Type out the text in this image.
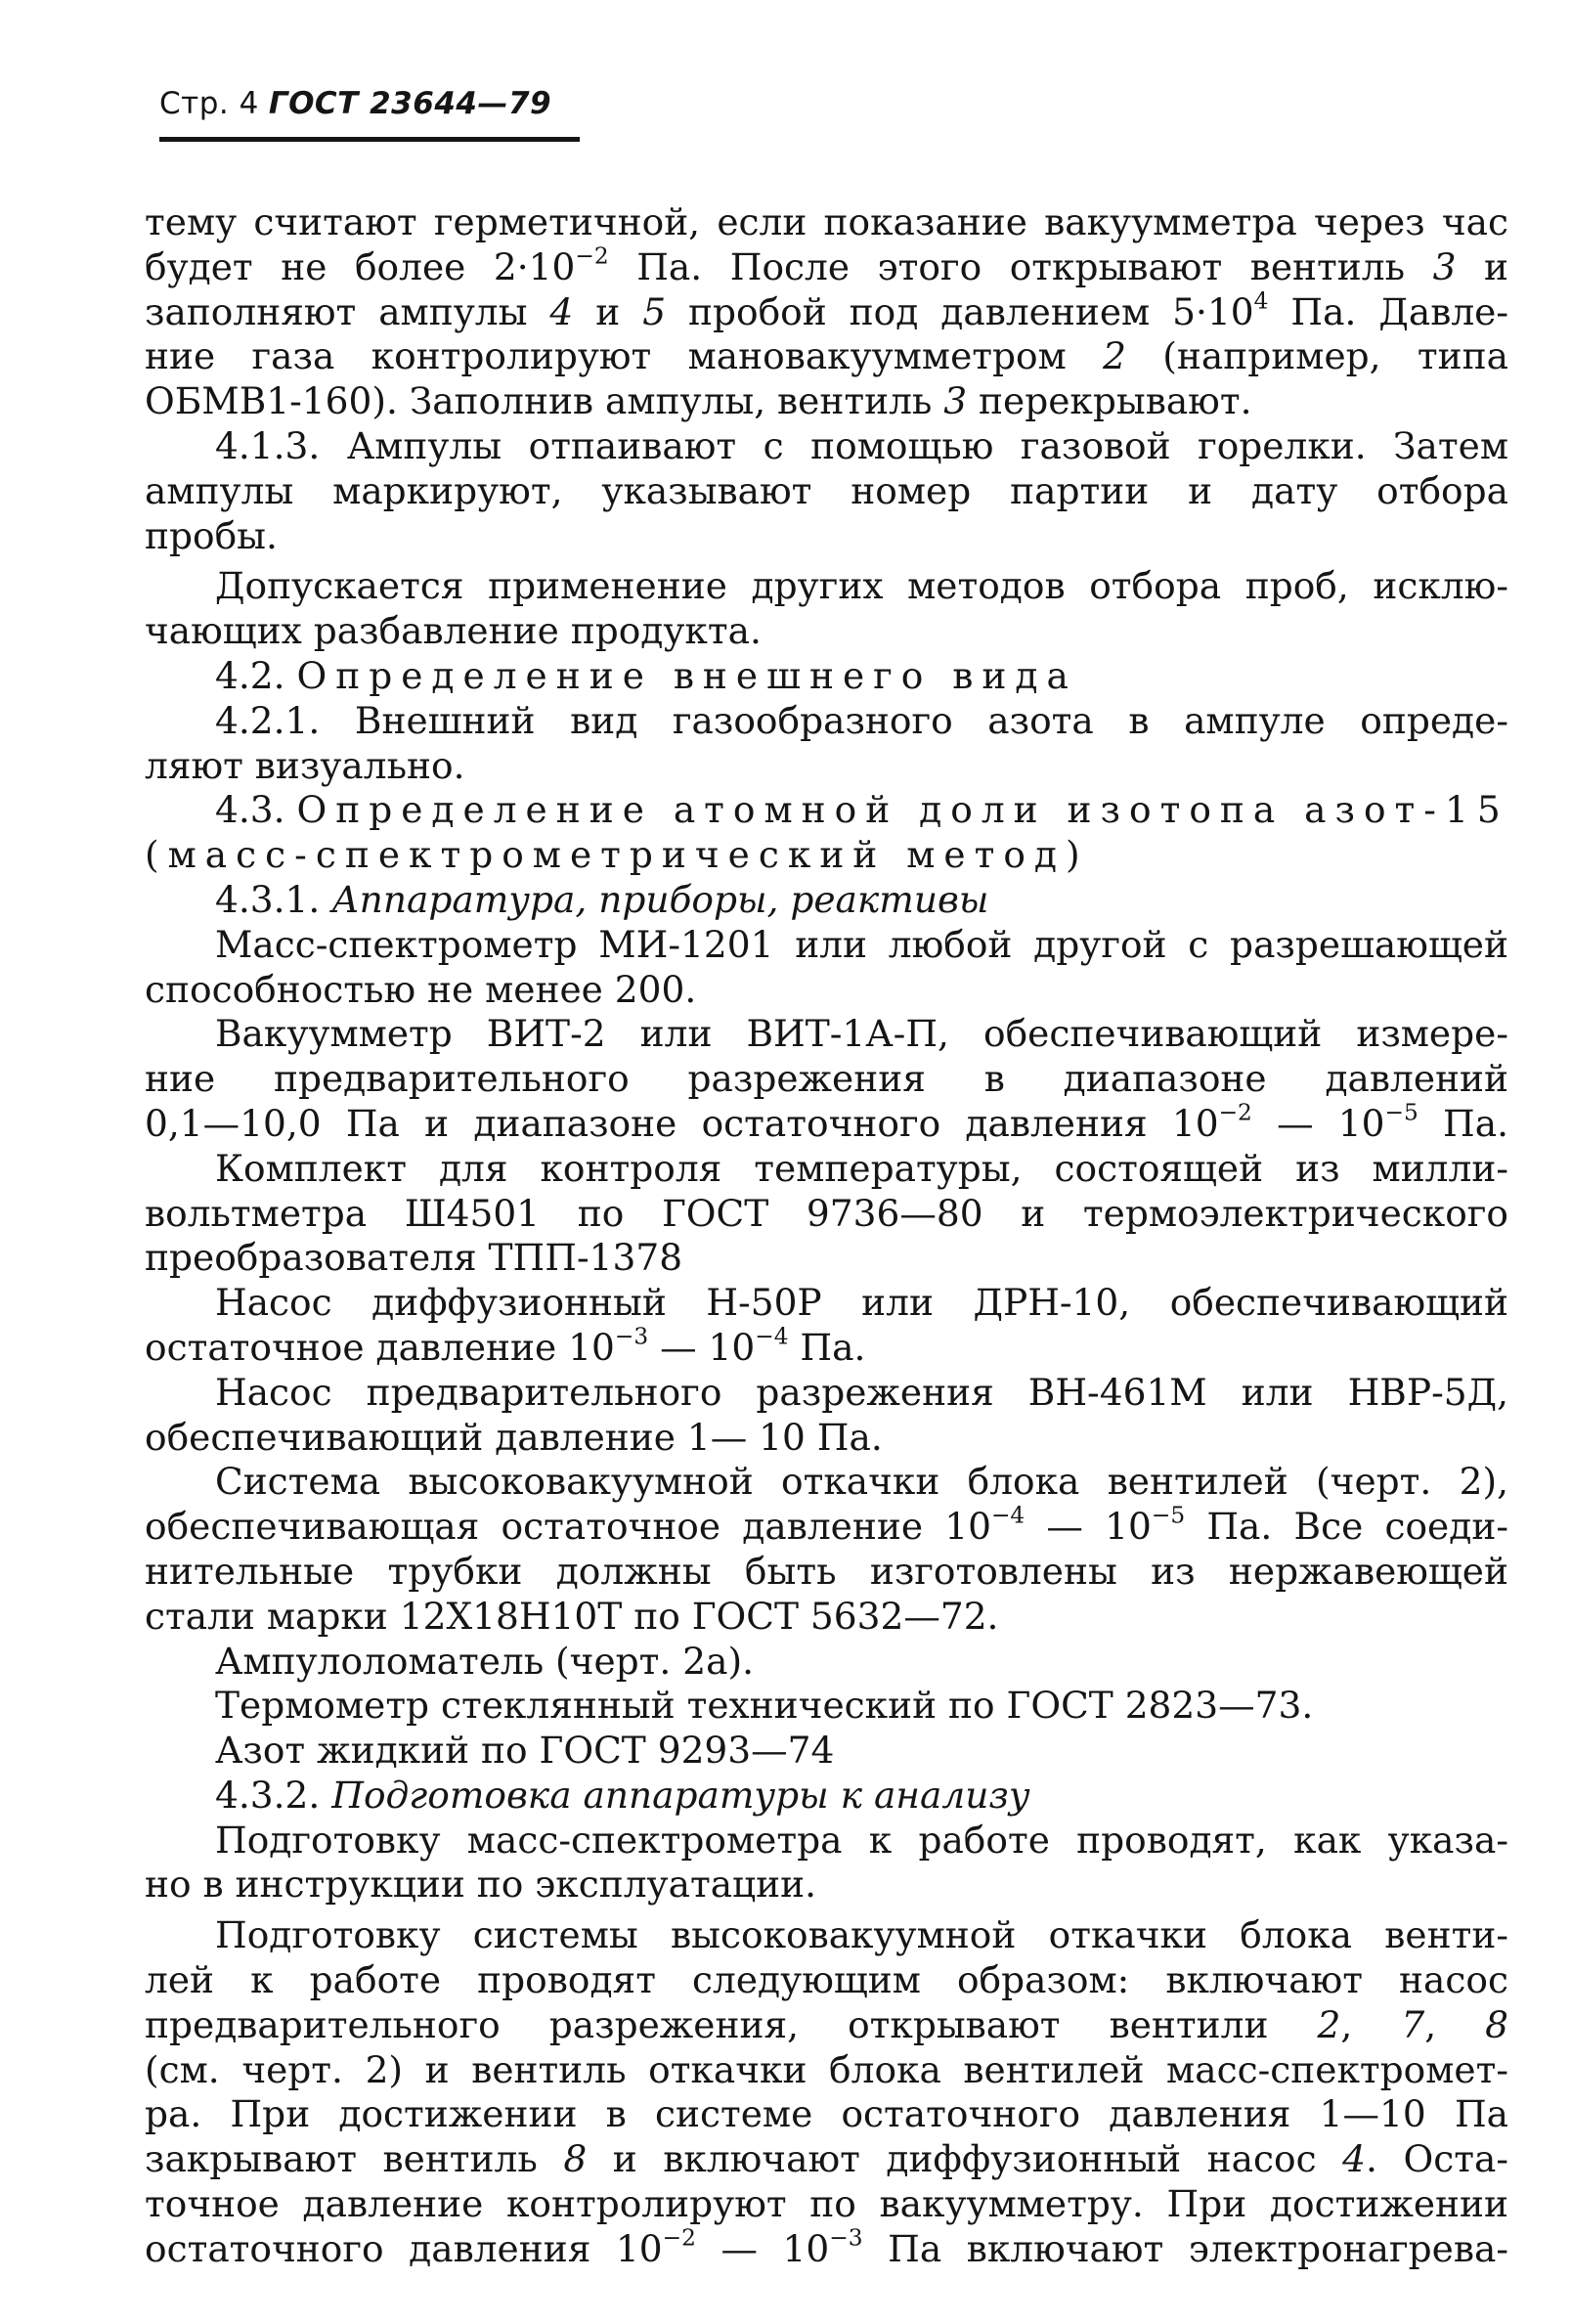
Стр. 4 ГОСТ 23644—79
тему считают герметичной, если показание вакуумметра через час
будет не более $2\cdot 10^{-2}$ Па. После этого открывают вентиль 3 и
заполняют ампулы 4 и 5 пробой под давлением $5\cdot 10^4$ Па. Давле-
ние газа контролируют мановакуумметром 2 (например, типа
ОБМВ1-160). Заполнив ампулы, вентиль 3 перекрывают.
4.1.3. Ампулы отпаивают с помощью газовой горелки. Затем
ампулы маркируют, указывают номер партии и дату отбора
пробы.
Допускается применение других методов отбора проб, исклю-
чающих разбавление продукта.
4.2. Определение внешнего вида
4.2.1. Внешний вид газообразного азота в ампуле опреде-
ляют визуально.
4.3. Определение атомной доли изотопа азот-15
(масс-спектрометрический метод)
4.3.1. Аппаратура, приборы, реактивы
Масс-спектрометр МИ-1201 или любой другой с разрешающей
способностью не менее 200.
Вакуумметр ВИТ-2 или ВИТ-1А-П, обеспечивающий измере-
ние предварительного разрежения в диапазоне давлений
0,1—10,0 Па и диапазоне остаточного давления $10^{-2}$ — $10^{-5}$ Па.
Комплект для контроля температуры, состоящей из милли-
вольтметра Ш4501 по ГОСТ 9736—80 и термоэлектрического
преобразователя ТПП-1378
Насос диффузионный Н-50Р или ДРН-10, обеспечивающий
остаточное давление $10^{-3}$ — $10^{-4}$ Па.
Насос предварительного разрежения ВН-461М или НВР-5Д,
обеспечивающий давление 1— 10 Па.
Система высоковакуумной откачки блока вентилей (черт. 2),
обеспечивающая остаточное давление $10^{-4}$ — $10^{-5}$ Па. Все соеди-
нительные трубки должны быть изготовлены из нержавеющей
стали марки 12Х18Н10Т по ГОСТ 5632—72.
Ампулоломатель (черт. 2а).
Термометр стеклянный технический по ГОСТ 2823—73.
Азот жидкий по ГОСТ 9293—74
4.3.2. Подготовка аппаратуры к анализу
Подготовку масс-спектрометра к работе проводят, как указа-
но в инструкции по эксплуатации.
Подготовку системы высоковакуумной откачки блока венти-
лей к работе проводят следующим образом: включают насос
предварительного разрежения, открывают вентили 2, 7, 8
(см. черт. 2) и вентиль откачки блока вентилей масс-спектромет-
ра. При достижении в системе остаточного давления 1—10 Па
закрывают вентиль 8 и включают диффузионный насос 4. Оста-
точное давление контролируют по вакуумметру. При достижении
остаточного давления $10^{-2}$ — $10^{-3}$ Па включают электронагрева-
